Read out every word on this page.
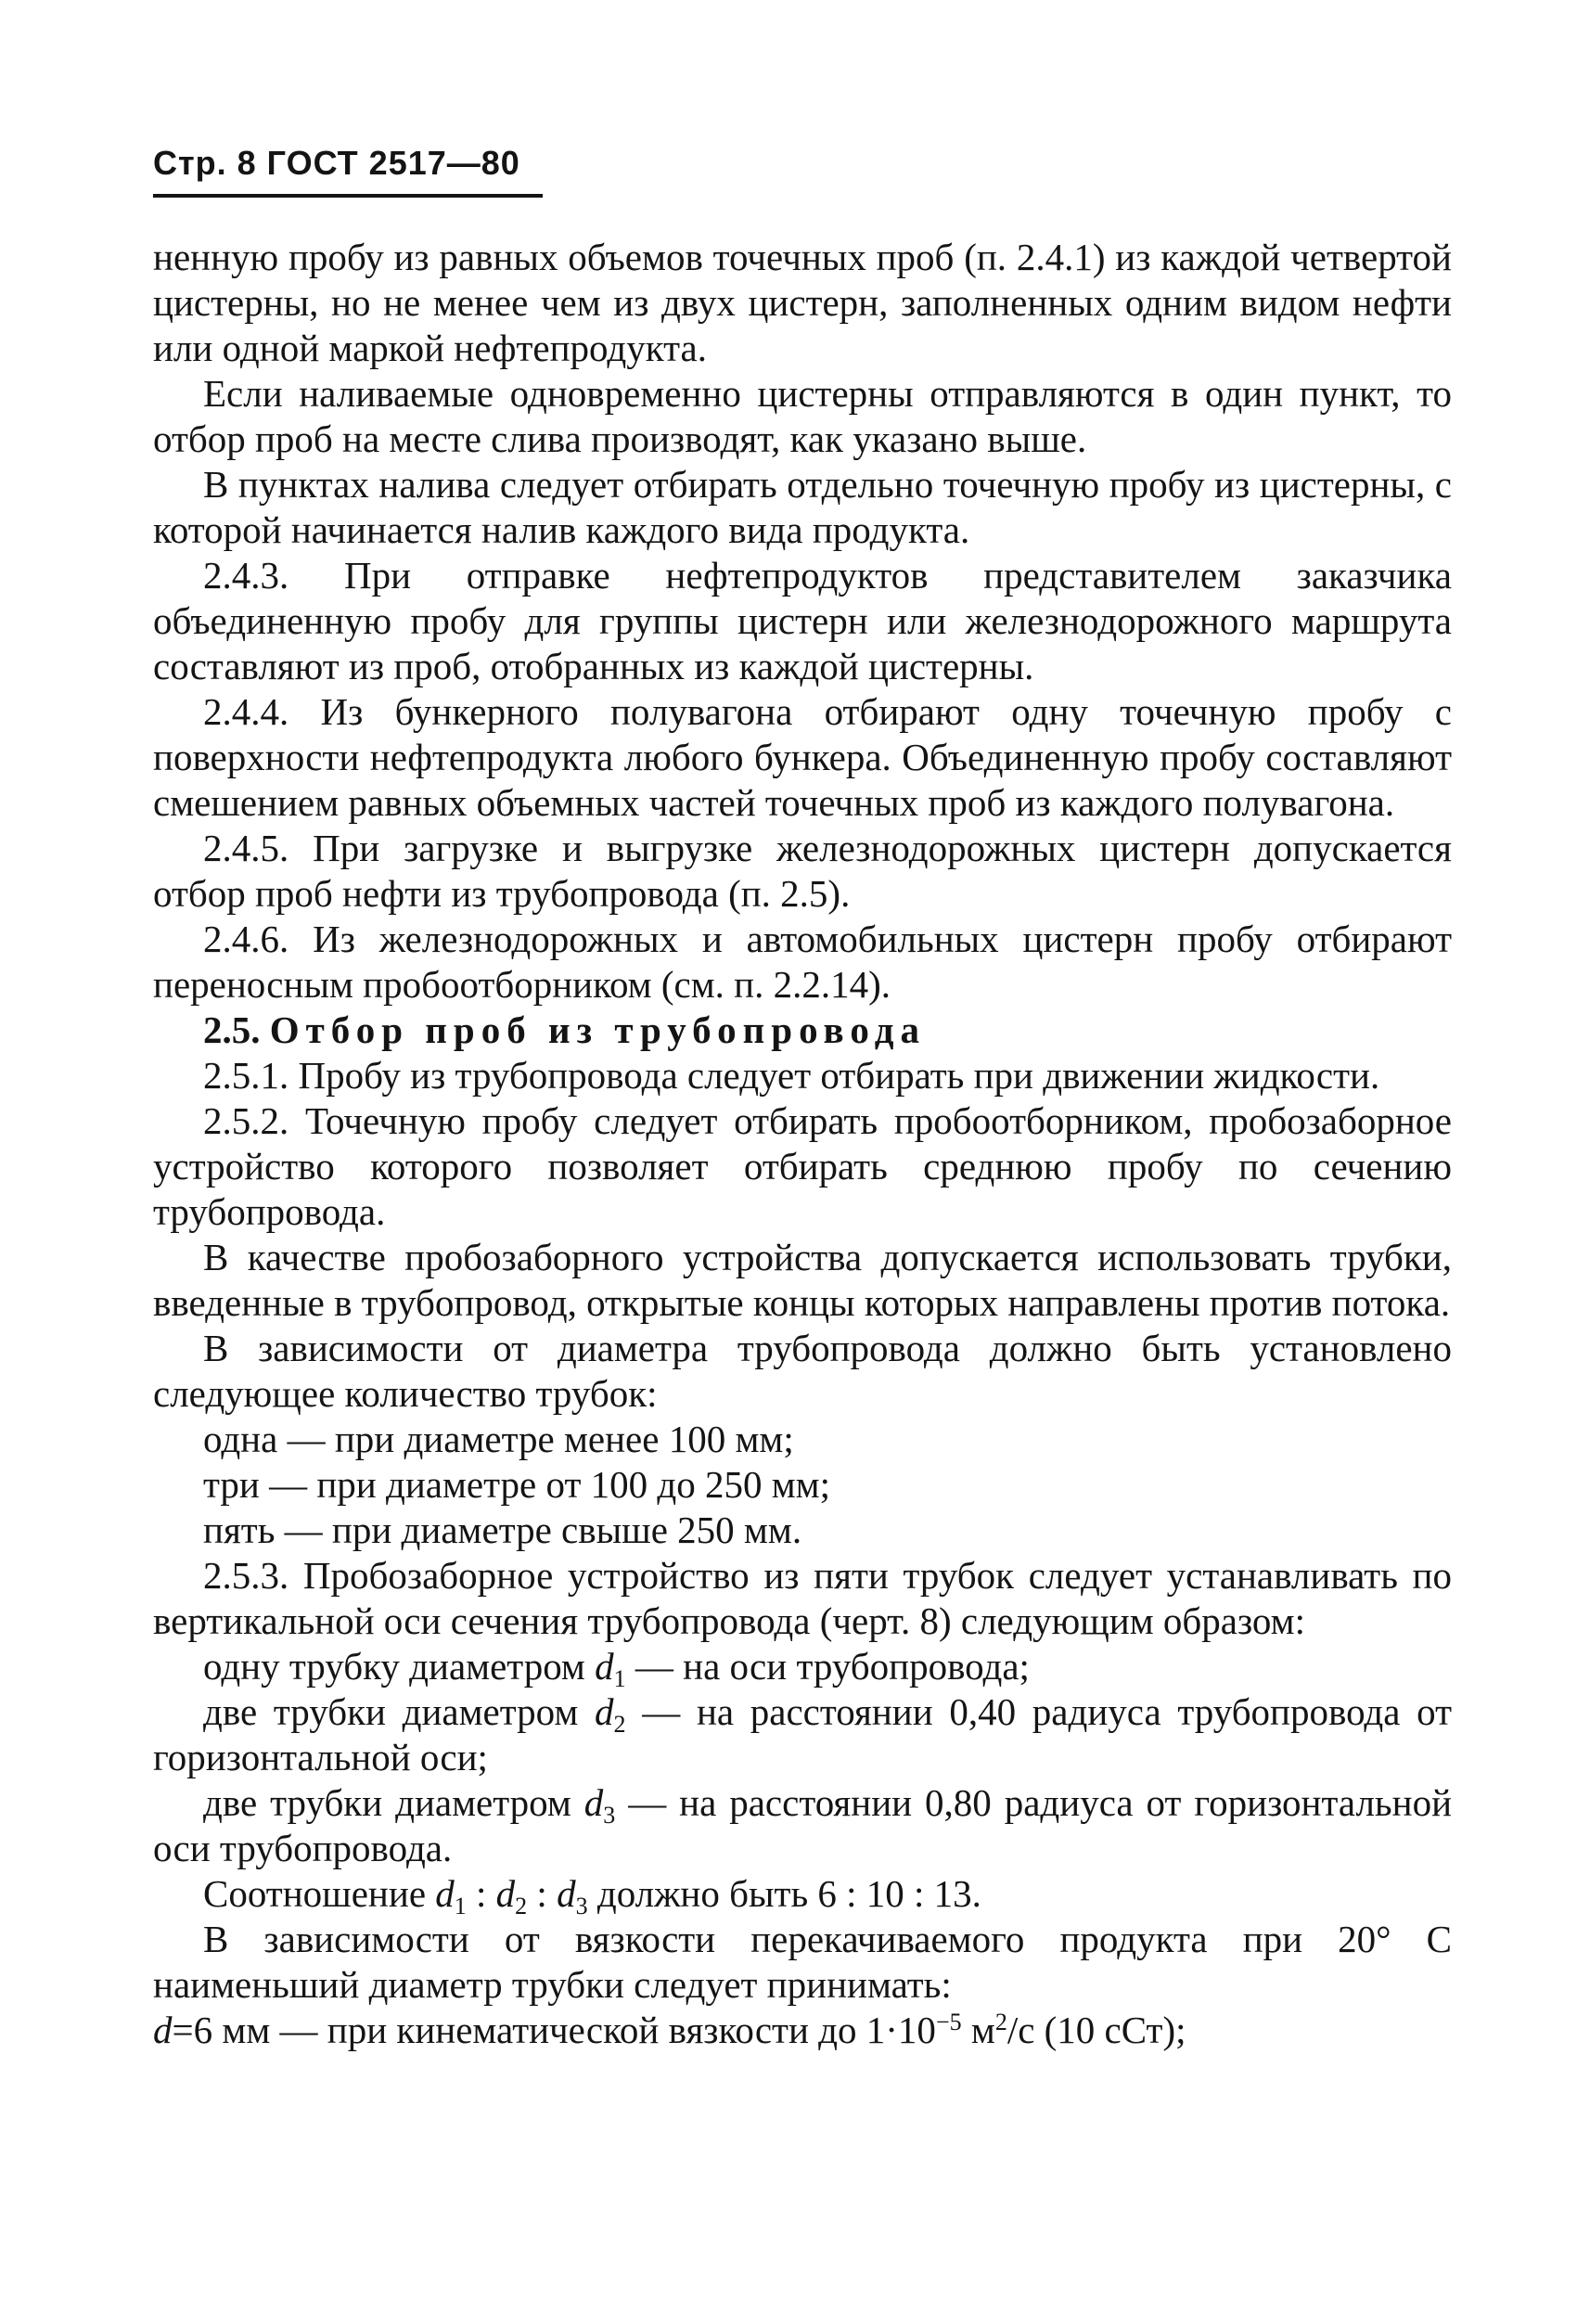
Стр. 8 ГОСТ 2517—80

ненную пробу из равных объемов точечных проб (п. 2.4.1) из каждой четвертой цистерны, но не менее чем из двух цистерн, заполненных одним видом нефти или одной маркой нефтепродукта.

Если наливаемые одновременно цистерны отправляются в один пункт, то отбор проб на месте слива производят, как указано выше.

В пунктах налива следует отбирать отдельно точечную пробу из цистерны, с которой начинается налив каждого вида продукта.

2.4.3. При отправке нефтепродуктов представителем заказчика объединенную пробу для группы цистерн или железнодорожного маршрута составляют из проб, отобранных из каждой цистерны.

2.4.4. Из бункерного полувагона отбирают одну точечную пробу с поверхности нефтепродукта любого бункера. Объединенную пробу составляют смешением равных объемных частей точечных проб из каждого полувагона.

2.4.5. При загрузке и выгрузке железнодорожных цистерн допускается отбор проб нефти из трубопровода (п. 2.5).

2.4.6. Из железнодорожных и автомобильных цистерн пробу отбирают переносным пробоотборником (см. п. 2.2.14).

2.5. Отбор проб из трубопровода

2.5.1. Пробу из трубопровода следует отбирать при движении жидкости.

2.5.2. Точечную пробу следует отбирать пробоотборником, пробозаборное устройство которого позволяет отбирать среднюю пробу по сечению трубопровода.

В качестве пробозаборного устройства допускается использовать трубки, введенные в трубопровод, открытые концы которых направлены против потока.

В зависимости от диаметра трубопровода должно быть установлено следующее количество трубок:

одна — при диаметре менее 100 мм;

три — при диаметре от 100 до 250 мм;

пять — при диаметре свыше 250 мм.

2.5.3. Пробозаборное устройство из пяти трубок следует устанавливать по вертикальной оси сечения трубопровода (черт. 8) следующим образом:

одну трубку диаметром $d_1$ — на оси трубопровода;

две трубки диаметром $d_2$ — на расстоянии 0,40 радиуса трубопровода от горизонтальной оси;

две трубки диаметром $d_3$ — на расстоянии 0,80 радиуса от горизонтальной оси трубопровода.

Соотношение $d_1$ : $d_2$ : $d_3$ должно быть 6 : 10 : 13.

В зависимости от вязкости перекачиваемого продукта при 20° С наименьший диаметр трубки следует принимать:

d=6 мм — при кинематической вязкости до $1\cdot 10^{-5}$ $м^2/с$ (10 сСт);
